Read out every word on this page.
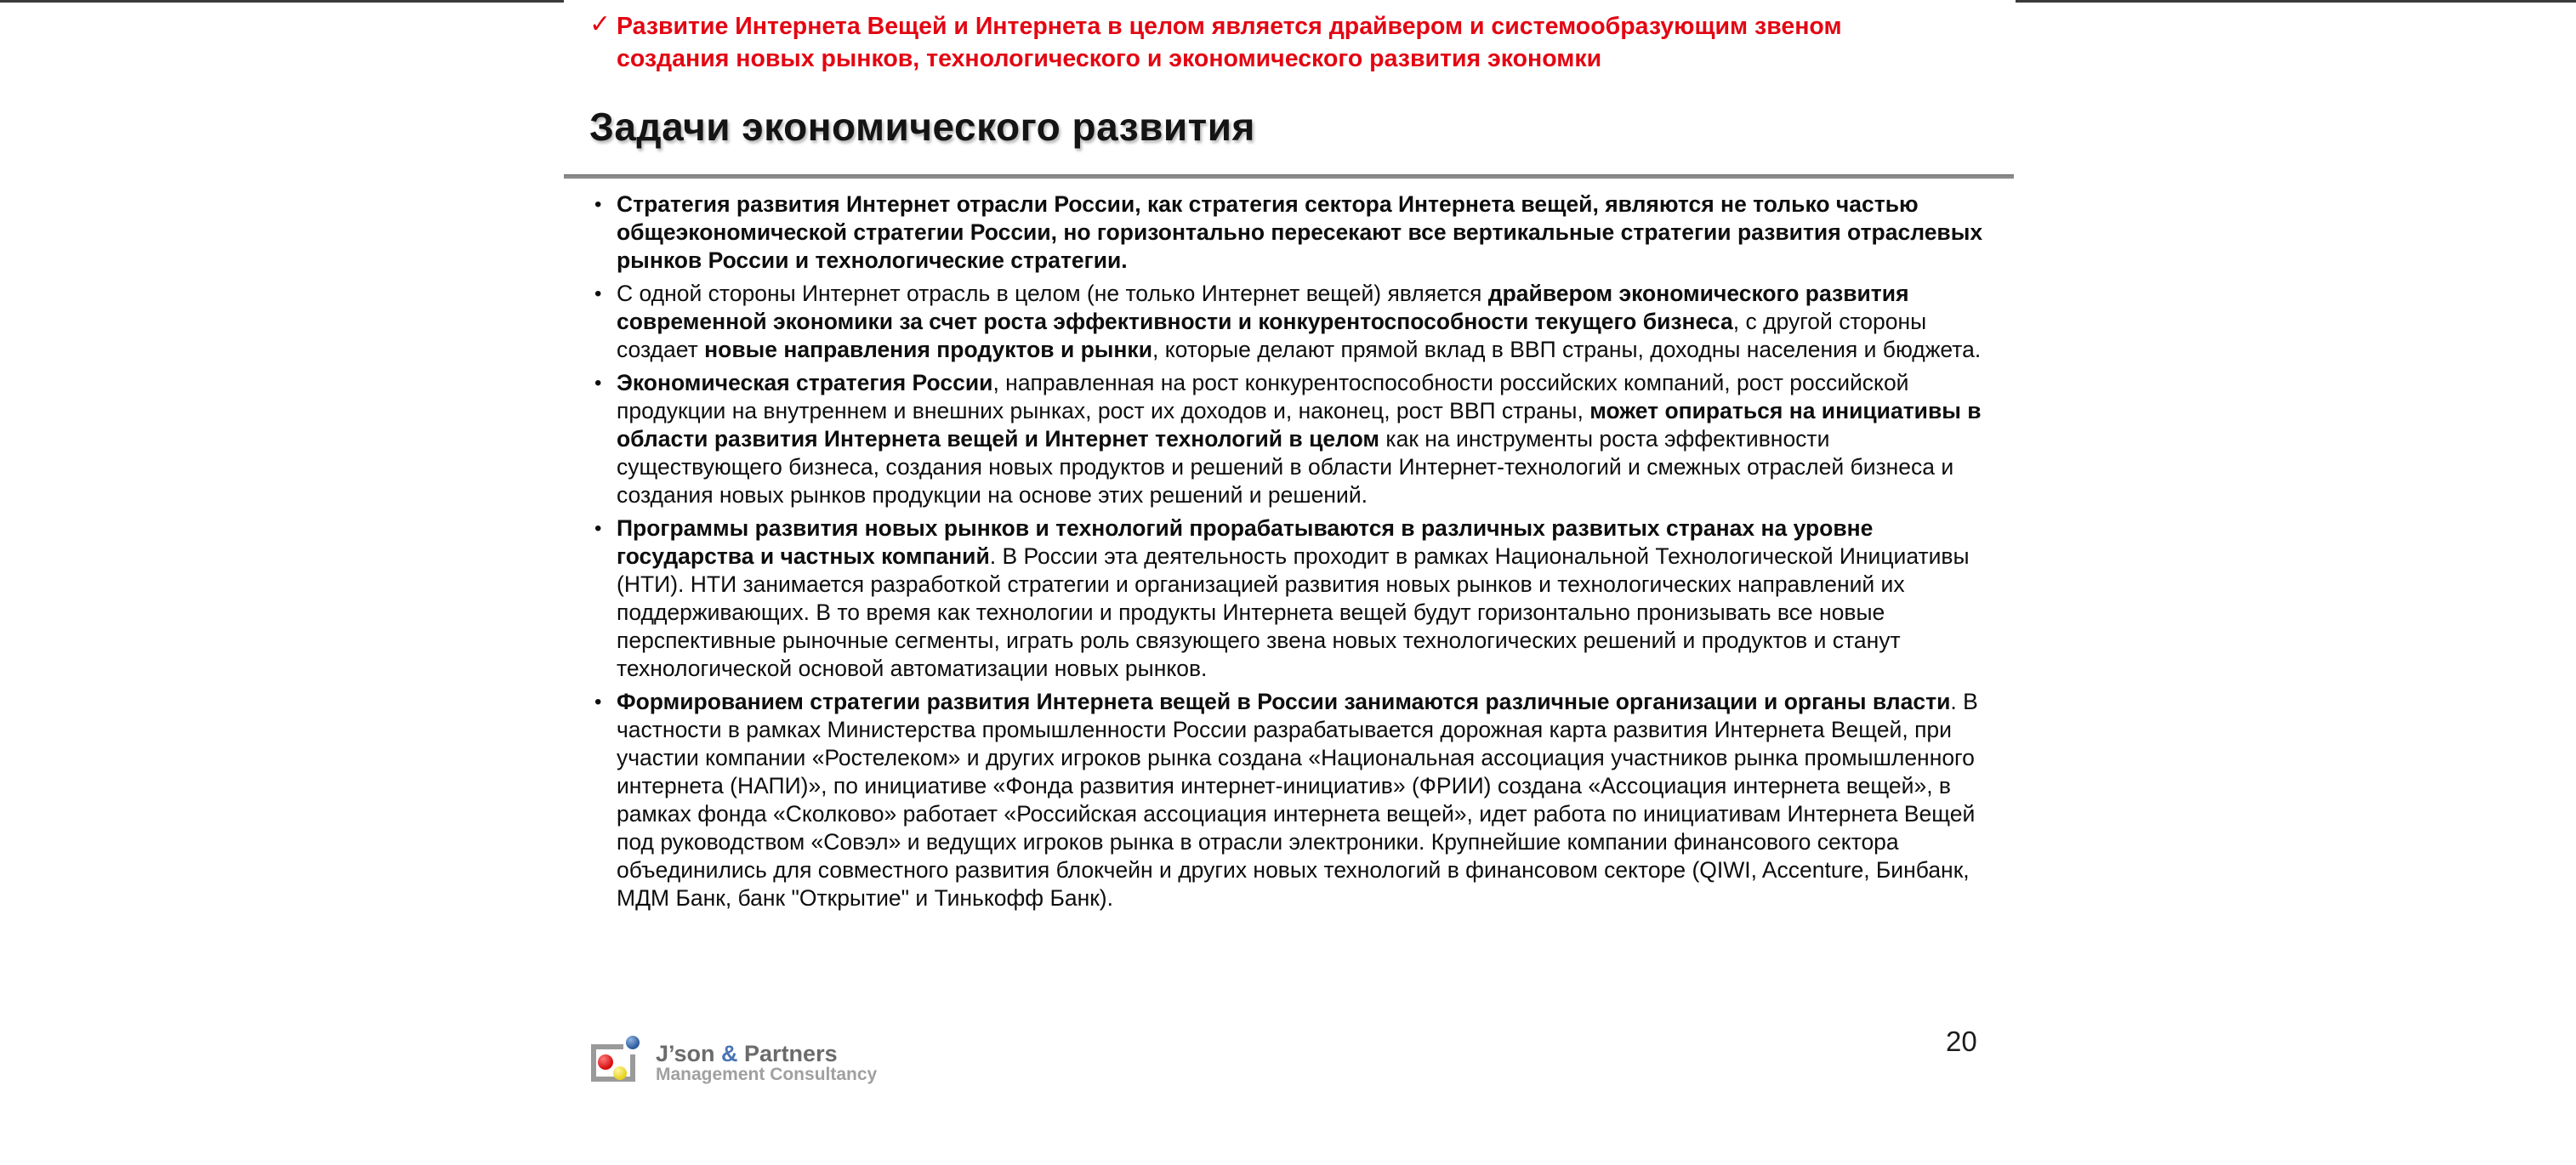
Задачи экономического развития
• Стратегия развития Интернет отрасли России, как стратегия сектора Интернета вещей, являются не только частью общеэкономической стратегии России, но горизонтально пересекают все вертикальные стратегии развития отраслевых рынков России и технологические стратегии.
• С одной стороны Интернет отрасль в целом (не только Интернет вещей) является драйвером экономического развития современной экономики за счет роста эффективности и конкурентоспособности текущего бизнеса, с другой стороны создает новые направления продуктов и рынки, которые делают прямой вклад в ВВП страны, доходны населения и бюджета.
• Экономическая стратегия России, направленная на рост конкурентоспособности российских компаний, рост российской продукции на внутреннем и внешних рынках, рост их доходов и, наконец, рост ВВП страны, может опираться на инициативы в области развития Интернета вещей и Интернет технологий в целом как на инструменты роста эффективности существующего бизнеса, создания новых продуктов и решений в области Интернет-технологий и смежных отраслей бизнеса и создания новых рынков продукции на основе этих решений и решений.
• Программы развития новых рынков и технологий прорабатываются в различных развитых странах на уровне государства и частных компаний. В России эта деятельность проходит в рамках Национальной Технологической Инициативы (НТИ). НТИ занимается разработкой стратегии и организацией развития новых рынков и технологических направлений их поддерживающих. В то время как технологии и продукты Интернета вещей будут горизонтально пронизывать все новые перспективные рыночные сегменты, играть роль связующего звена новых технологических решений и продуктов и станут технологической основой автоматизации новых рынков.
• Формированием стратегии развития Интернета вещей в России занимаются различные организации и органы власти. В частности в рамках Министерства промышленности России разрабатывается дорожная карта развития Интернета Вещей, при участии компании «Ростелеком» и других игроков рынка создана «Национальная ассоциация участников рынка промышленного интернета (НАПИ)», по инициативе «Фонда развития интернет-инициатив» (ФРИИ) создана «Ассоциация интернета вещей», в рамках фонда «Сколково» работает «Российская ассоциация интернета вещей», идет работа по инициативам Интернета Вещей под руководством «Совэл» и ведущих игроков рынка в отрасли электроники. Крупнейшие компании финансового сектора объединились для совместного развития блокчейн и других новых технологий в финансовом секторе (QIWI, Accenture, Бинбанк, МДМ Банк, банк "Открытие" и Тинькофф Банк).
✓ Развитие Интернета Вещей и Интернета в целом является драйвером и системообразующим звеном создания новых рынков, технологического и экономического развития экономки
J’son & Partners
Management Consultancy
20
